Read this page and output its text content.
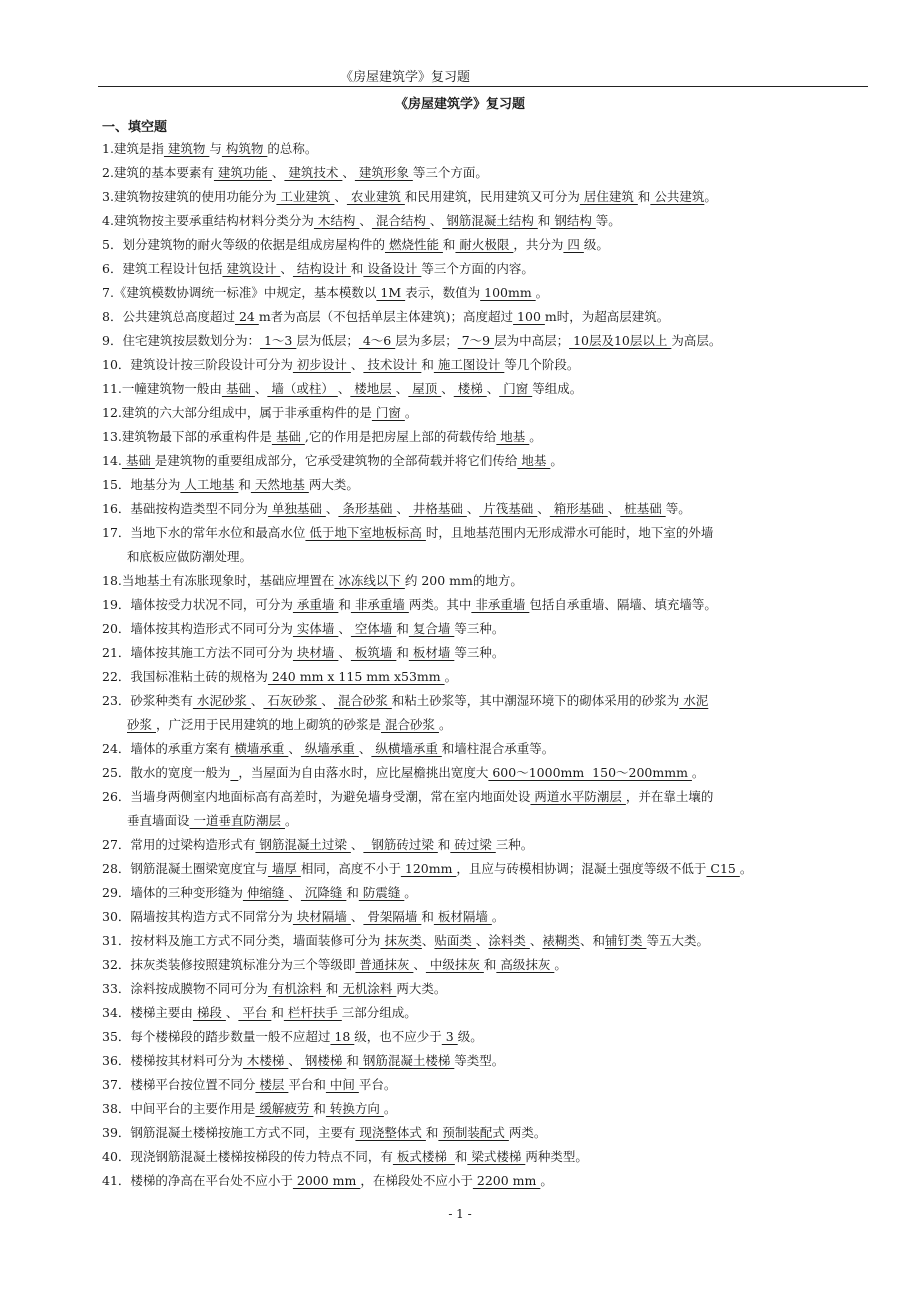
《房屋建筑学》复习题
《房屋建筑学》复习题
一、填空题
1.建筑是指 建筑物 与 构筑物 的总称。
2.建筑的基本要素有 建筑功能 、 建筑技术 、 建筑形象 等三个方面。
3.建筑物按建筑的使用功能分为 工业建筑 、 农业建筑 和民用建筑，民用建筑又可分为 居住建筑 和 公共建筑。
4.建筑物按主要承重结构材料分类分为 木结构 、 混合结构 、 钢筋混凝土结构 和 钢结构 等。
5．划分建筑物的耐火等级的依据是组成房屋构件的 燃烧性能 和 耐火极限 ，共分为 四 级。
6．建筑工程设计包括 建筑设计 、 结构设计 和 设备设计 等三个方面的内容。
7.《建筑模数协调统一标准》中规定，基本模数以 1M 表示，数值为 100mm 。
8．公共建筑总高度超过 24 m者为高层（不包括单层主体建筑)；高度超过 100 m时，为超高层建筑。
9．住宅建筑按层数划分为： 1～3 层为低层； 4～6 层为多层； 7～9 层为中高层； 10层及10层以上 为高层。
10．建筑设计按三阶段设计可分为 初步设计 、 技术设计 和 施工图设计 等几个阶段。
11.一幢建筑物一般由 基础 、 墙（或柱） 、 楼地层 、 屋顶 、 楼梯 、 门窗 等组成。
12.建筑的六大部分组成中，属于非承重构件的是 门窗 。
13.建筑物最下部的承重构件是 基础 ,它的作用是把房屋上部的荷载传给 地基 。
14. 基础 是建筑物的重要组成部分，它承受建筑物的全部荷载并将它们传给 地基 。
15．地基分为 人工地基 和 天然地基 两大类。
16．基础按构造类型不同分为 单独基础 、 条形基础 、 井格基础 、 片筏基础 、 箱形基础 、 桩基础 等。
17．当地下水的常年水位和最高水位 低于地下室地板标高 时，且地基范围内无形成滞水可能时，地下室的外墙
和底板应做防潮处理。
18.当地基土有冻胀现象时，基础应埋置在 冰冻线以下 约 200 mm的地方。
19．墙体按受力状况不同，可分为 承重墙 和 非承重墙 两类。其中 非承重墙 包括自承重墙、隔墙、填充墙等。
20．墙体按其构造形式不同可分为 实体墙 、 空体墙 和 复合墙 等三种。
21．墙体按其施工方法不同可分为 块材墙 、 板筑墙 和 板材墙 等三种。
22．我国标准粘土砖的规格为 240 mm x 115 mm x53mm 。
23．砂浆种类有 水泥砂浆 、 石灰砂浆 、 混合砂浆 和粘土砂浆等，其中潮湿环境下的砌体采用的砂浆为 水泥
砂浆 ，广泛用于民用建筑的地上砌筑的砂浆是 混合砂浆 。
24．墙体的承重方案有 横墙承重 、 纵墙承重 、 纵横墙承重 和墙柱混合承重等。
25．散水的宽度一般为 ，当屋面为自由落水时，应比屋檐挑出宽度大 600～1000mm  150～200mmm 。
26．当墙身两侧室内地面标高有高差时，为避免墙身受潮，常在室内地面处设 两道水平防潮层 ，并在靠土壤的
垂直墙面设 一道垂直防潮层 。
27．常用的过梁构造形式有 钢筋混凝土过梁 、  钢筋砖过梁 和 砖过梁 三种。
28．钢筋混凝土圈梁宽度宜与 墙厚 相同，高度不小于 120mm ，且应与砖模相协调；混凝土强度等级不低于 C15 。
29．墙体的三种变形缝为 伸缩缝 、 沉降缝 和 防震缝 。
30．隔墙按其构造方式不同常分为 块材隔墙 、 骨架隔墙 和 板材隔墙 。
31．按材料及施工方式不同分类，墙面装修可分为 抹灰类、贴面类 、涂料类 、裱糊类、和铺钉类 等五大类。
32．抹灰类装修按照建筑标准分为三个等级即 普通抹灰 、 中级抹灰 和 高级抹灰 。
33．涂料按成膜物不同可分为 有机涂料 和 无机涂料 两大类。
34．楼梯主要由 梯段 、 平台 和 栏杆扶手 三部分组成。
35．每个楼梯段的踏步数量一般不应超过 18 级，也不应少于 3 级。
36．楼梯按其材料可分为 木楼梯 、 钢楼梯 和 钢筋混凝土楼梯 等类型。
37．楼梯平台按位置不同分 楼层 平台和 中间 平台。
38．中间平台的主要作用是 缓解疲劳 和 转换方向 。
39．钢筋混凝土楼梯按施工方式不同，主要有 现浇整体式 和 预制装配式 两类。
40．现浇钢筋混凝土楼梯按梯段的传力特点不同，有 板式楼梯  和 梁式楼梯 两种类型。
41．楼梯的净高在平台处不应小于 2000 mm ，在梯段处不应小于 2200 mm 。
- 1 -
